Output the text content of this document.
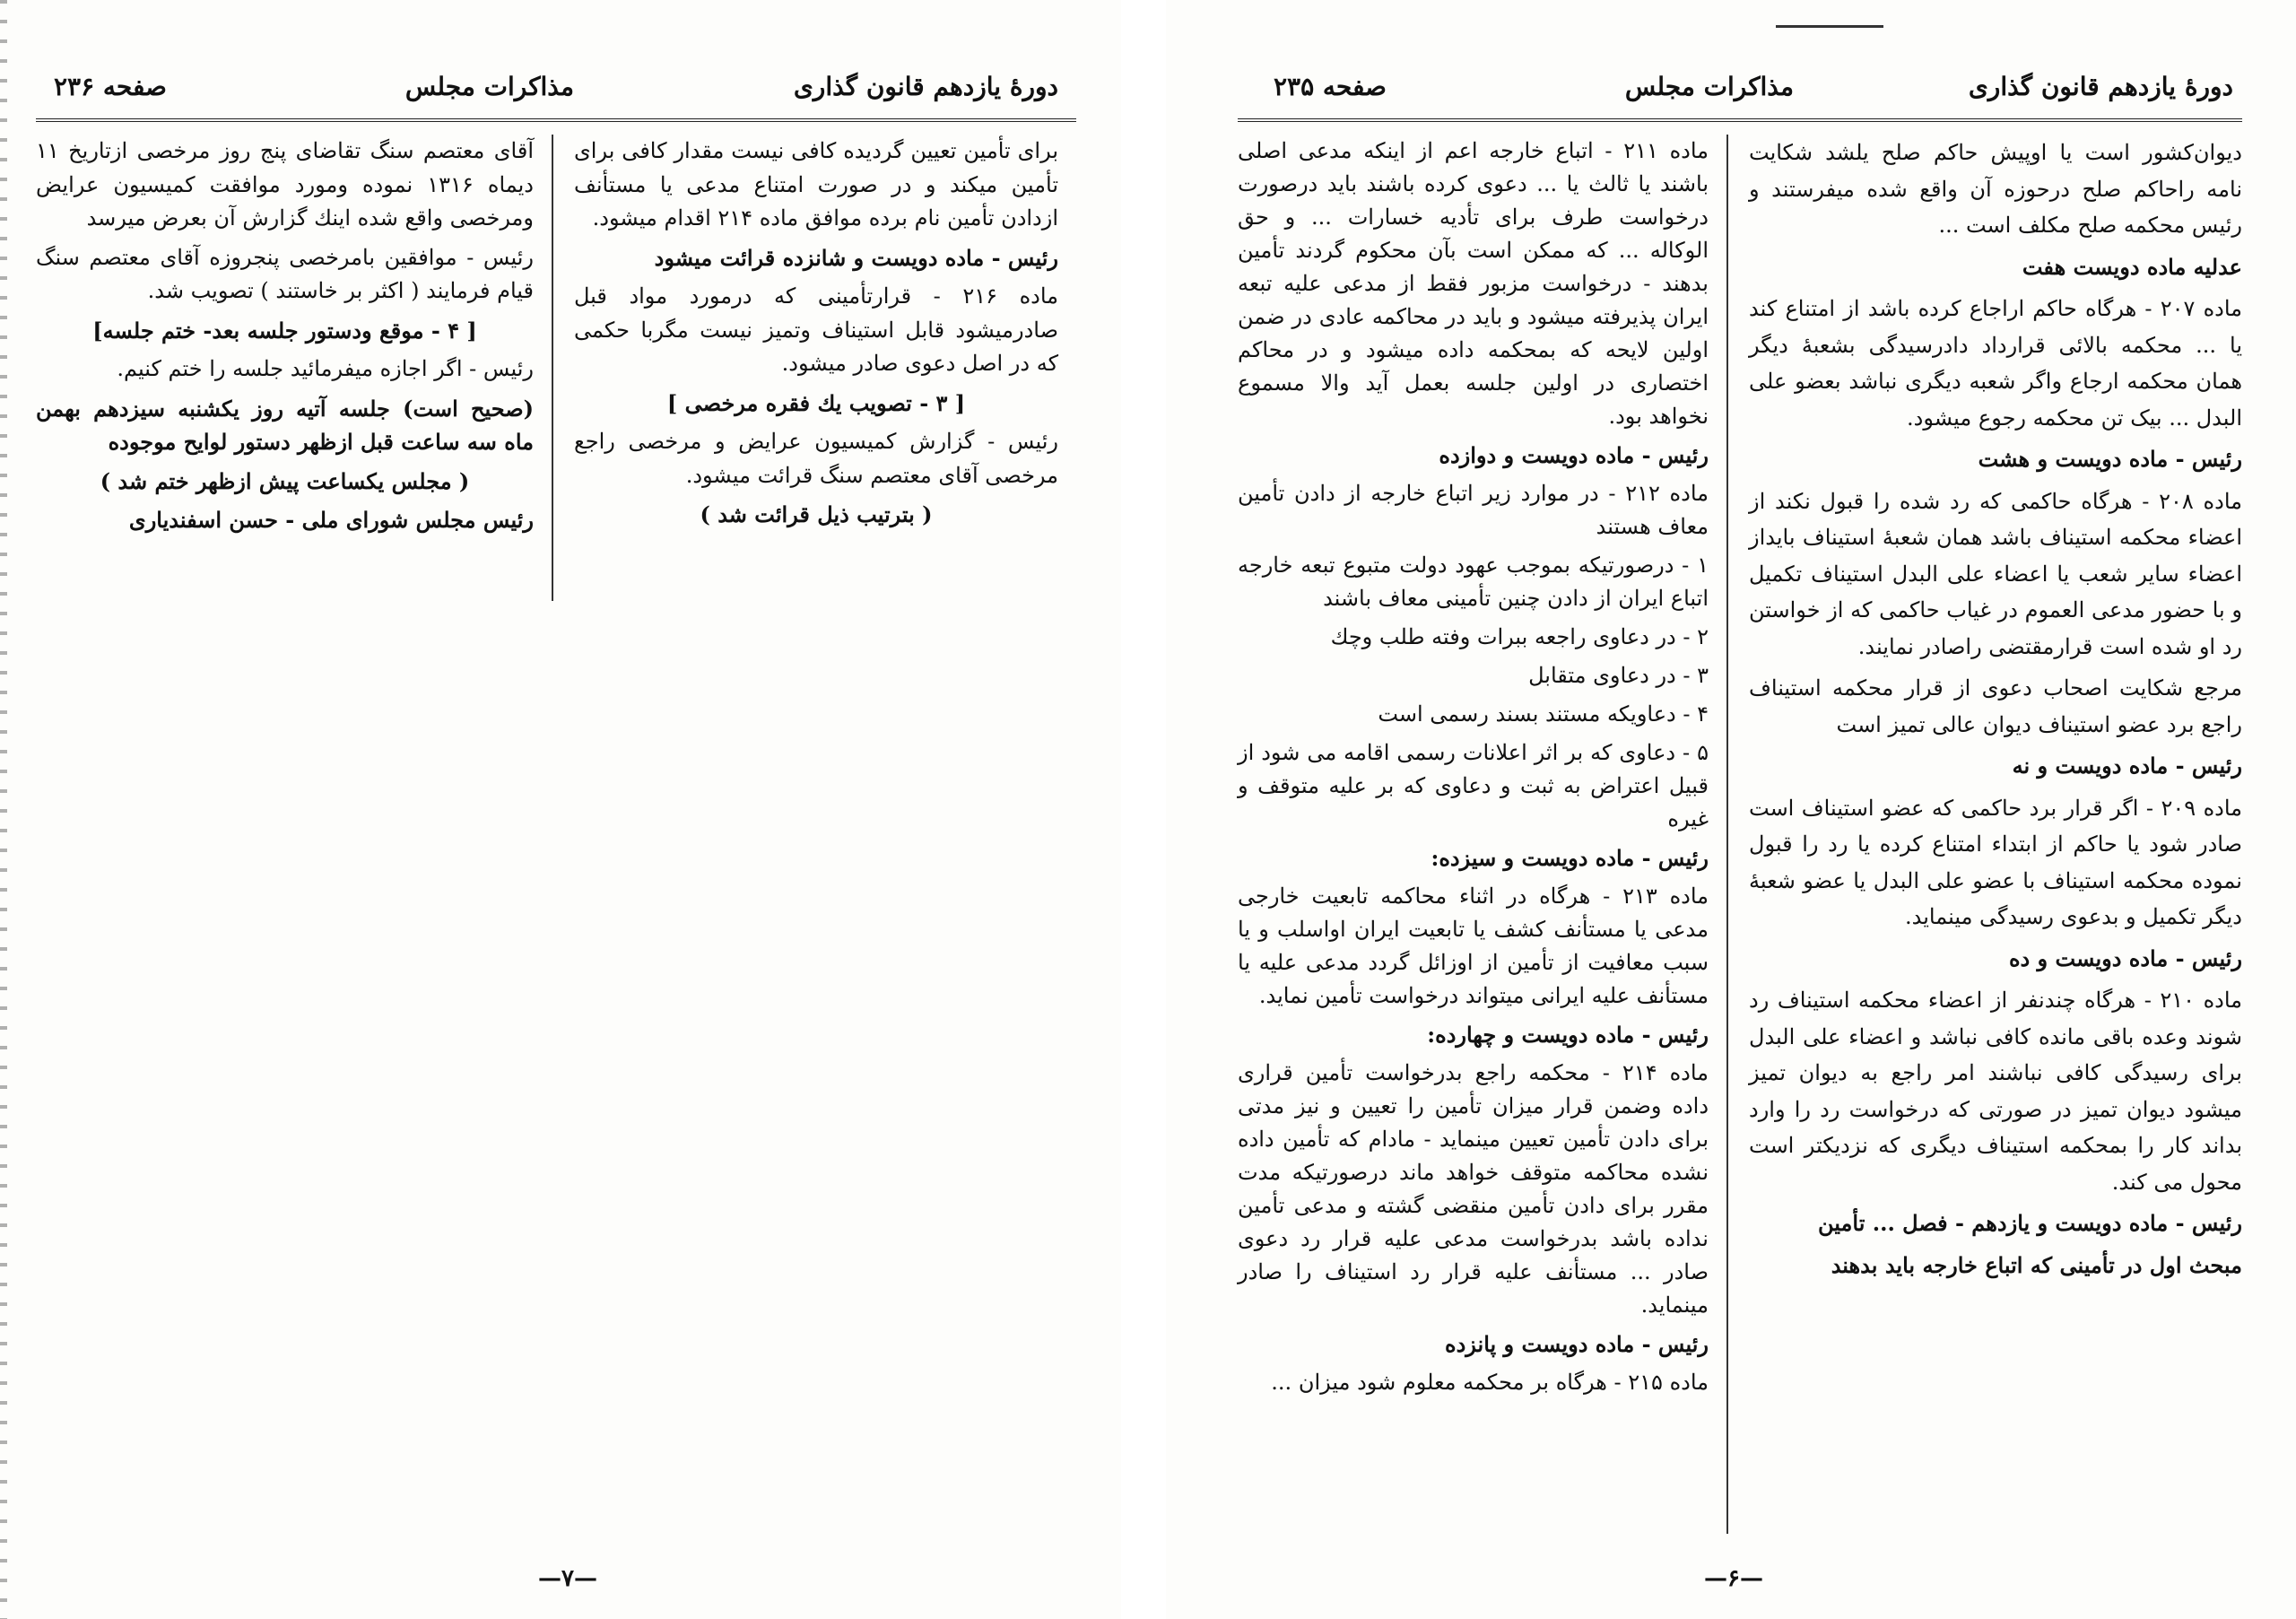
دورهٔ یازدهم قانون گذاری
مذاکرات مجلس
صفحه ۲۳۶

برای تأمین تعیین گردیده کافی نیست مقدار کافی برای تأمین میکند و در صورت امتناع مدعی یا مستأنف ازدادن تأمین نام برده موافق ماده ۲۱۴ اقدام میشود.

رئیس - ماده دویست و شانزده قرائت میشود

ماده ۲۱۶ - قرارتأمینی که درمورد مواد قبل صادرمیشود قابل استیناف وتمیز نیست مگربا حکمی که در اصل دعوی صادر میشود.

[ ۳ - تصویب یك فقره مرخصی ]

رئیس - گزارش کمیسیون عرایض و مرخصی راجع مرخصی آقای معتصم سنگ قرائت میشود.

( بترتیب ذیل قرائت شد )

آقای معتصم سنگ تقاضای پنج روز مرخصی ازتاریخ ۱۱ دیماه ۱۳۱۶ نموده ومورد موافقت کمیسیون عرایض ومرخصی واقع شده اینك گزارش آن بعرض میرسد

رئیس - موافقین بامرخصی پنجروزه آقای معتصم سنگ قیام فرمایند ( اکثر بر خاستند ) تصویب شد.

[ ۴ - موقع ودستور جلسه بعد- ختم جلسه]

رئیس - اگر اجازه میفرمائید جلسه را ختم کنیم.

(صحیح است) جلسه آتیه روز یکشنبه سیزدهم بهمن ماه سه ساعت قبل ازظهر دستور لوایح موجوده

( مجلس یکساعت پیش ازظهر ختم شد )

رئیس مجلس شورای ملی - حسن اسفندیاری

—۷—
دورهٔ یازدهم قانون گذاری
مذاکرات مجلس
صفحه ۲۳۵

دیوان‌کشور است یا اوپیش حاکم صلح یلشد شکایت نامه راحاکم صلح درحوزه آن واقع شده میفرستند و رئیس محکمه صلح مکلف است ...

عدلیه ماده دویست هفت

ماده ۲۰۷ - هرگاه حاکم اراجاع کرده باشد از امتناع کند یا ... محکمه بالائی قرارداد دادرسیدگی بشعبهٔ دیگر همان محکمه ارجاع واگر شعبه دیگری نباشد بعضو علی البدل ... بیک تن محکمه رجوع میشود.

رئیس - ماده دویست و هشت

ماده ۲۰۸ - هرگاه حاکمی که رد شده را قبول نکند از اعضاء محکمه استیناف باشد همان شعبهٔ استیناف بایداز اعضاء سایر شعب یا اعضاء علی البدل استیناف تکمیل و با حضور مدعی العموم در غیاب حاکمی که از خواستن رد او شده است قرارمقتضی راصادر نمایند.

مرجع شکایت اصحاب دعوی از قرار محکمه استیناف راجع برد عضو استیناف دیوان عالی تمیز است

رئیس - ماده دویست و نه

ماده ۲۰۹ - اگر قرار برد حاکمی که عضو استیناف است صادر شود یا حاکم از ابتداء امتناع کرده یا رد را قبول نموده محکمه استیناف با عضو علی البدل یا عضو شعبهٔ دیگر تکمیل و بدعوی رسیدگی مینماید.

رئیس - ماده دویست و ده

ماده ۲۱۰ - هرگاه چندنفر از اعضاء محکمه استیناف رد شوند وعده باقی مانده کافی نباشد و اعضاء علی البدل برای رسیدگی کافی نباشند امر راجع به دیوان تمیز میشود دیوان تمیز در صورتی که درخواست رد را وارد بداند کار را بمحکمه استیناف دیگری که نزدیکتر است محول می کند.

رئیس - ماده دویست و یازدهم - فصل ... تأمین

مبحث اول در تأمینی که اتباع خارجه باید بدهند

ماده ۲۱۱ - اتباع خارجه اعم از اینکه مدعی اصلی باشند یا ثالث یا ... دعوی کرده باشند باید درصورت درخواست طرف برای تأدیه خسارات ... و حق الوکاله ... که ممکن است بآن محکوم گردند تأمین بدهند - درخواست مزبور فقط از مدعی علیه تبعه ایران پذیرفته میشود و باید در محاکمه عادی در ضمن اولین لایحه که بمحکمه داده میشود و در محاکم اختصاری در اولین جلسه بعمل آید والا مسموع نخواهد بود.

رئیس - ماده دویست و دوازده

ماده ۲۱۲ - در موارد زیر اتباع خارجه از دادن تأمین معاف هستند

۱ - درصورتیکه بموجب عهود دولت متبوع تبعه خارجه اتباع ایران از دادن چنین تأمینی معاف باشند

۲ - در دعاوی راجعه ببرات وفته طلب وچك

۳ - در دعاوی متقابل

۴ - دعاویکه مستند بسند رسمی است

۵ - دعاوی که بر اثر اعلانات رسمی اقامه می شود از قبیل اعتراض به ثبت و دعاوی که بر علیه متوقف و غیره

رئیس - ماده دویست و سیزده:

ماده ۲۱۳ - هرگاه در اثناء محاکمه تابعیت خارجی مدعی یا مستأنف کشف یا تابعیت ایران اواسلب و یا سبب معافیت از تأمین از اوزائل گردد مدعی علیه یا مستأنف علیه ایرانی میتواند درخواست تأمین نماید.

رئیس - ماده دویست و چهارده:

ماده ۲۱۴ - محکمه راجع بدرخواست تأمین قراری داده وضمن قرار میزان تأمین را تعیین و نیز مدتی برای دادن تأمین تعیین مینماید - مادام که تأمین داده نشده محاکمه متوقف خواهد ماند درصورتیکه مدت مقرر برای دادن تأمین منقضی گشته و مدعی تأمین نداده باشد بدرخواست مدعی علیه قرار رد دعوی صادر ... مستأنف علیه قرار رد استیناف را صادر مینماید.

رئیس - ماده دویست و پانزده

ماده ۲۱۵ - هرگاه بر محکمه معلوم شود میزان ...

—۶—
